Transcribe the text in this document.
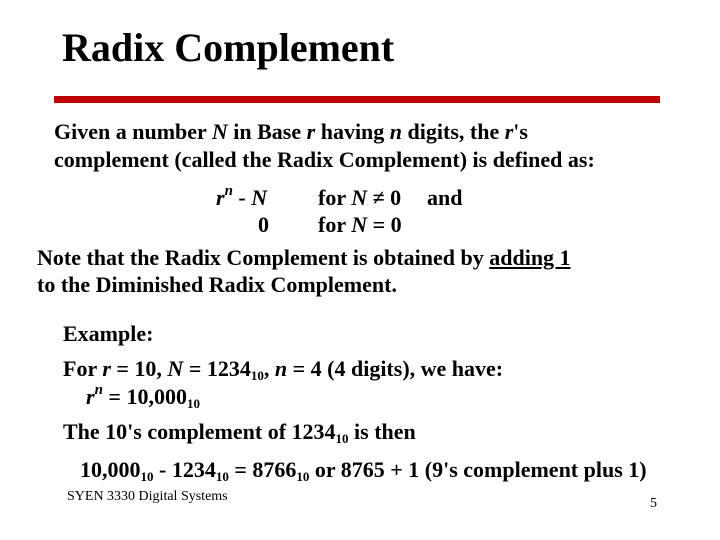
Radix Complement
Given a number N in Base r having n digits, the r's
complement (called the Radix Complement) is defined as:
$r^n$ - N for N ≠ 0 and
0 for N = 0
Note that the Radix Complement is obtained by adding 1
to the Diminished Radix Complement.
Example:
For r = 10, $N = 1234_{10}$, n = 4 (4 digits), we have:
$r^n = 10,000_{10}$
The 10's complement of $1234_{10}$ is then
$10,000_{10} - 1234_{10} = 8766_{10}$ or 8765 + 1 (9's complement plus 1)
SYEN 3330 Digital Systems	5
